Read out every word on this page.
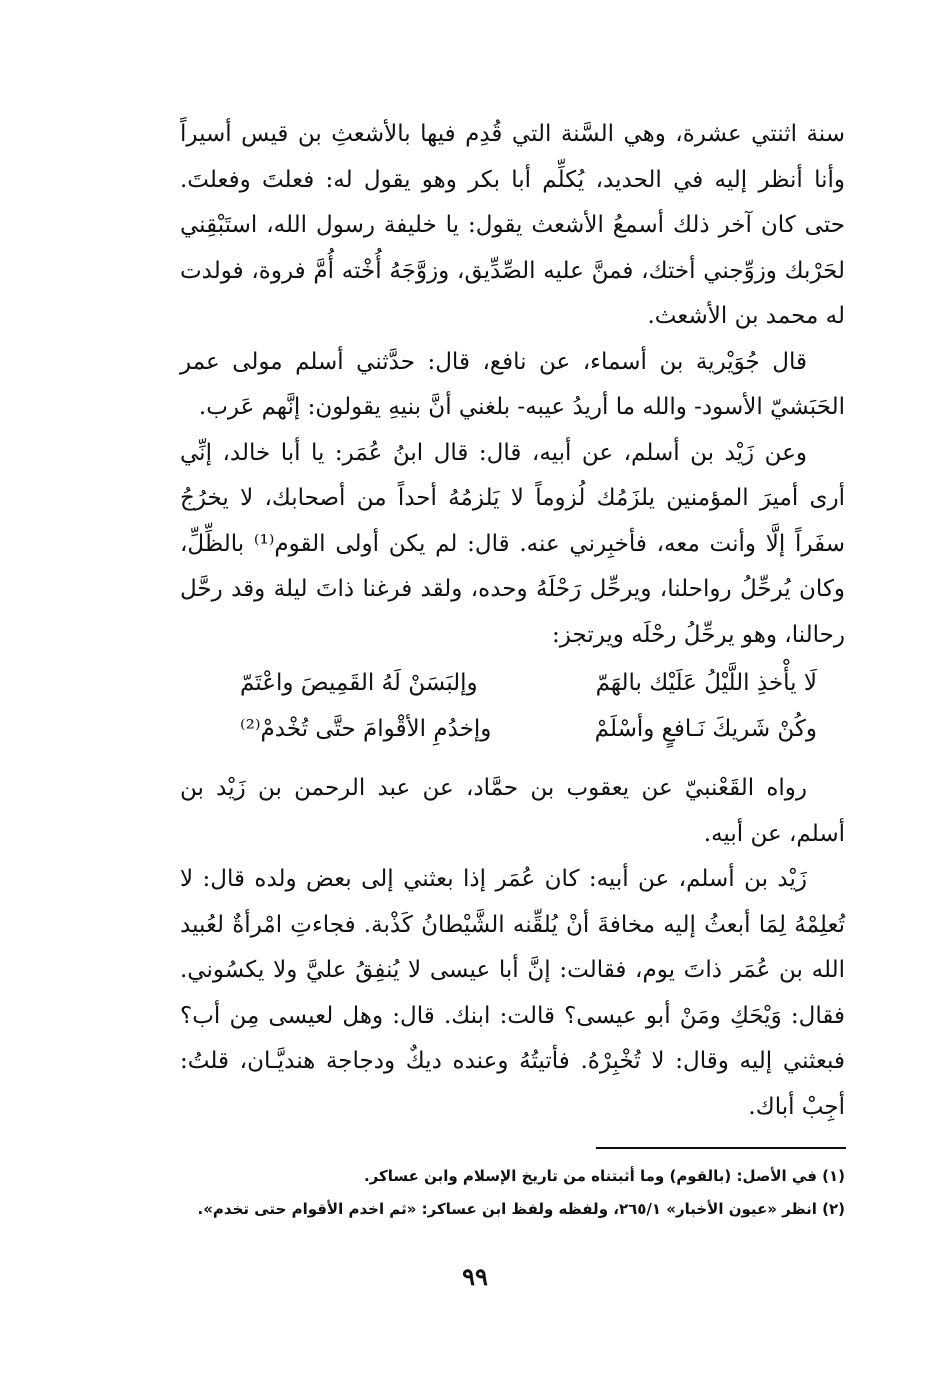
سنة اثنتي عشرة، وهي السَّنة التي قُدِم فيها بالأشعثِ بن قيس أسيراً وأنا أنظر إليه في الحديد، يُكلِّم أبا بكر وهو يقول له: فعلتَ وفعلتَ. حتى كان آخر ذلك أسمعُ الأشعث يقول: يا خليفة رسول الله، استَبْقِني لحَرْبك وزوِّجني أختك، فمنَّ عليه الصِّدِّيق، وزوَّجَهُ أُخْته أُمَّ فروة، فولدت له محمد بن الأشعث.

قال جُوَيْرية بن أسماء، عن نافع، قال: حدَّثني أسلم مولى عمر الحَبَشيّ الأسود- والله ما أريدُ عيبه- بلغني أنَّ بنيهِ يقولون: إنَّهم عَرب.

وعن زَيْد بن أسلم، عن أبيه، قال: قال ابنُ عُمَر: يا أبا خالد، إنِّي أرى أميرَ المؤمنين يلزَمُك لُزوماً لا يَلزمُهُ أحداً من أصحابك، لا يخرُجُ سفَراً إلَّا وأنت معه، فأخبِرني عنه. قال: لم يكن أولى القوم⁽¹⁾ بالظِّلِّ، وكان يُرحِّلُ رواحلنا، ويرحِّل رَحْلَهُ وحده، ولقد فرغنا ذاتَ ليلة وقد رحَّل رحالنا، وهو يرحِّلُ رحْلَه ويرتجز:

لَا يأْخذِ اللَّيْلُ عَلَيْك بالهَمّ
وإلبَسَنْ لَهُ القَمِيصَ واعْتَمّ
وكُنْ شَريكَ نَـافعٍ وأسْلَمْ
وإخدُمِ الأقْوامَ حتَّى تُخْدمْ⁽²⁾

رواه القَعْنبيّ عن يعقوب بن حمَّاد، عن عبد الرحمن بن زَيْد بن أسلم، عن أبيه.

زَيْد بن أسلم، عن أبيه: كان عُمَر إذا بعثني إلى بعض ولده قال: لا تُعلِمْهُ لِمَا أبعثُ إليه مخافةَ أنْ يُلقِّنه الشَّيْطانُ كَذْبة. فجاءتِ امْرأةٌ لعُبيد الله بن عُمَر ذاتَ يوم، فقالت: إنَّ أبا عيسى لا يُنفِقُ عليَّ ولا يكسُوني. فقال: وَيْحَكِ ومَنْ أبو عيسى؟ قالت: ابنك. قال: وهل لعيسى مِن أب؟ فبعثني إليه وقال: لا تُخْبِرْهُ. فأتيتُهُ وعنده ديكٌ ودجاجة هنديَّـان، قلتُ: أجِبْ أباك.

(١) في الأصل: (بالقوم) وما أثبتناه من تاريخ الإسلام وابن عساكر.

(٢) انظر «عيون الأخبار» ٢٦٥/١، ولفظه ولفظ ابن عساكر: «ثم اخدم الأقوام حتى تخدم».

٩٩
